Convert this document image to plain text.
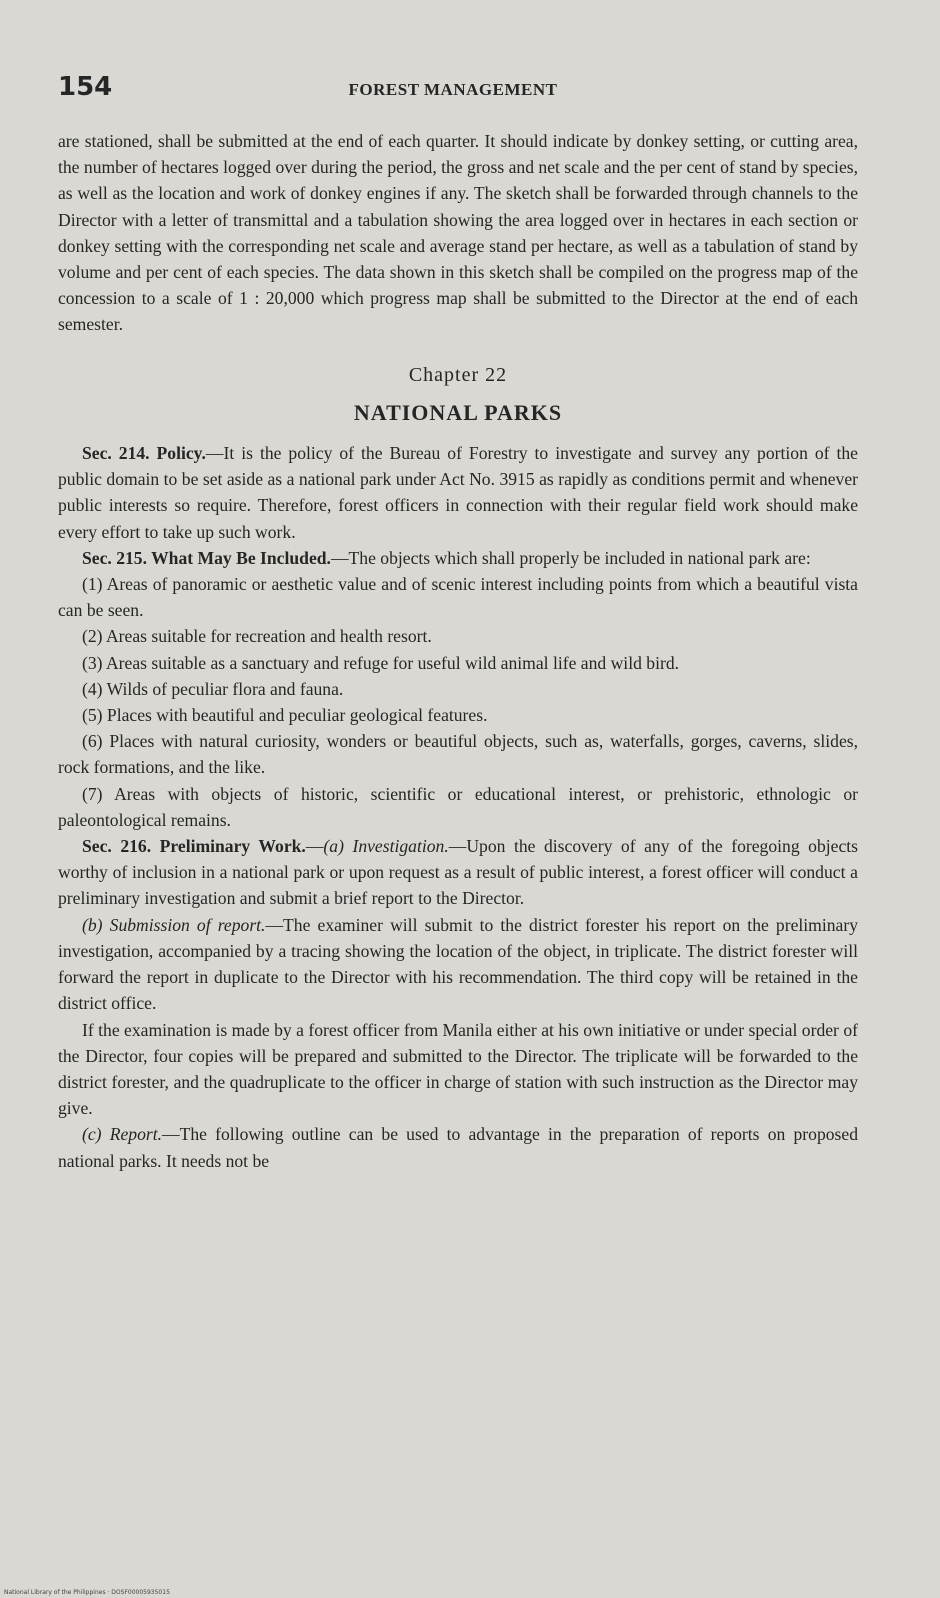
154	FOREST MANAGEMENT

are stationed, shall be submitted at the end of each quarter. It should indicate by donkey setting, or cutting area, the number of hectares logged over during the period, the gross and net scale and the per cent of stand by species, as well as the location and work of donkey engines if any. The sketch shall be forwarded through channels to the Director with a letter of transmittal and a tabulation showing the area logged over in hectares in each section or donkey setting with the corresponding net scale and average stand per hectare, as well as a tabulation of stand by volume and per cent of each species. The data shown in this sketch shall be compiled on the progress map of the concession to a scale of 1 : 20,000 which progress map shall be submitted to the Director at the end of each semester.

Chapter 22
NATIONAL PARKS

Sec. 214. Policy.—It is the policy of the Bureau of Forestry to investigate and survey any portion of the public domain to be set aside as a national park under Act No. 3915 as rapidly as conditions permit and whenever public interests so require. Therefore, forest officers in connection with their regular field work should make every effort to take up such work.

Sec. 215. What May Be Included.—The objects which shall properly be included in national park are:

(1) Areas of panoramic or aesthetic value and of scenic interest including points from which a beautiful vista can be seen.

(2) Areas suitable for recreation and health resort.

(3) Areas suitable as a sanctuary and refuge for useful wild animal life and wild bird.

(4) Wilds of peculiar flora and fauna.

(5) Places with beautiful and peculiar geological features.

(6) Places with natural curiosity, wonders or beautiful objects, such as, waterfalls, gorges, caverns, slides, rock formations, and the like.

(7) Areas with objects of historic, scientific or educational interest, or prehistoric, ethnologic or paleontological remains.

Sec. 216. Preliminary Work.—(a) Investigation.—Upon the discovery of any of the foregoing objects worthy of inclusion in a national park or upon request as a result of public interest, a forest officer will conduct a preliminary investigation and submit a brief report to the Director.

(b) Submission of report.—The examiner will submit to the district forester his report on the preliminary investigation, accompanied by a tracing showing the location of the object, in triplicate. The district forester will forward the report in duplicate to the Director with his recommendation. The third copy will be retained in the district office.

If the examination is made by a forest officer from Manila either at his own initiative or under special order of the Director, four copies will be prepared and submitted to the Director. The triplicate will be forwarded to the district forester, and the quadruplicate to the officer in charge of station with such instruction as the Director may give.

(c) Report.—The following outline can be used to advantage in the preparation of reports on proposed national parks. It needs not be

National Library of the Philippines · DOSF00005935015
